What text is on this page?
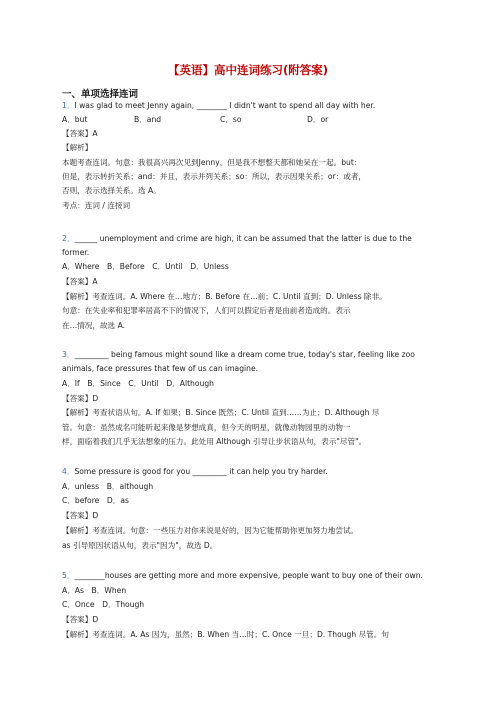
【英语】高中连词练习(附答案)
一、单项选择连词
1．I was glad to meet Jenny again, ________ I didn't want to spend all day with her.
A．but	B．and	C．so	D．or
【答案】A
【解析】
本题考查连词。句意：我很高兴再次见到Jenny，但是我不想整天都和她呆在一起。but：
但是，表示转折关系；and：并且，表示并列关系；so：所以，表示因果关系；or：或者，
否则，表示选择关系。选 A。
考点：连词 / 连接词
2．______ unemployment and crime are high, it can be assumed that the latter is due to the
former.
A．Where　B．Before　C．Until　D．Unless
【答案】A
【解析】考查连词。A. Where 在…地方；B. Before 在…前；C. Until 直到；D. Unless 除非。
句意：在失业率和犯罪率居高不下的情况下，人们可以假定后者是由前者造成的。表示
在…情况，故选 A.
3．_________ being famous might sound like a dream come true, today's star, feeling like zoo
animals, face pressures that few of us can imagine.
A．If　B．Since　C．Until　D．Although
【答案】D
【解析】考查状语从句。A. If 如果；B. Since 既然；C. Until 直到……为止；D. Although 尽
管。句意：虽然成名可能听起来像是梦想成真，但今天的明星，就像动物园里的动物一
样，面临着我们几乎无法想象的压力。此处用 Although 引导让步状语从句，表示"尽管"。
4．Some pressure is good for you _________ it can help you try harder.
A．unless　B．although
C．before　D．as
【答案】D
【解析】考查连词。句意：一些压力对你来说是好的，因为它能帮助你更加努力地尝试。
as 引导原因状语从句，表示"因为"，故选 D。
5．________houses are getting more and more expensive, people want to buy one of their own.
A．As　B．When
C．Once　D．Though
【答案】D
【解析】考查连词。A. As 因为，虽然；B. When 当…时；C. Once 一旦；D. Though 尽管。句
